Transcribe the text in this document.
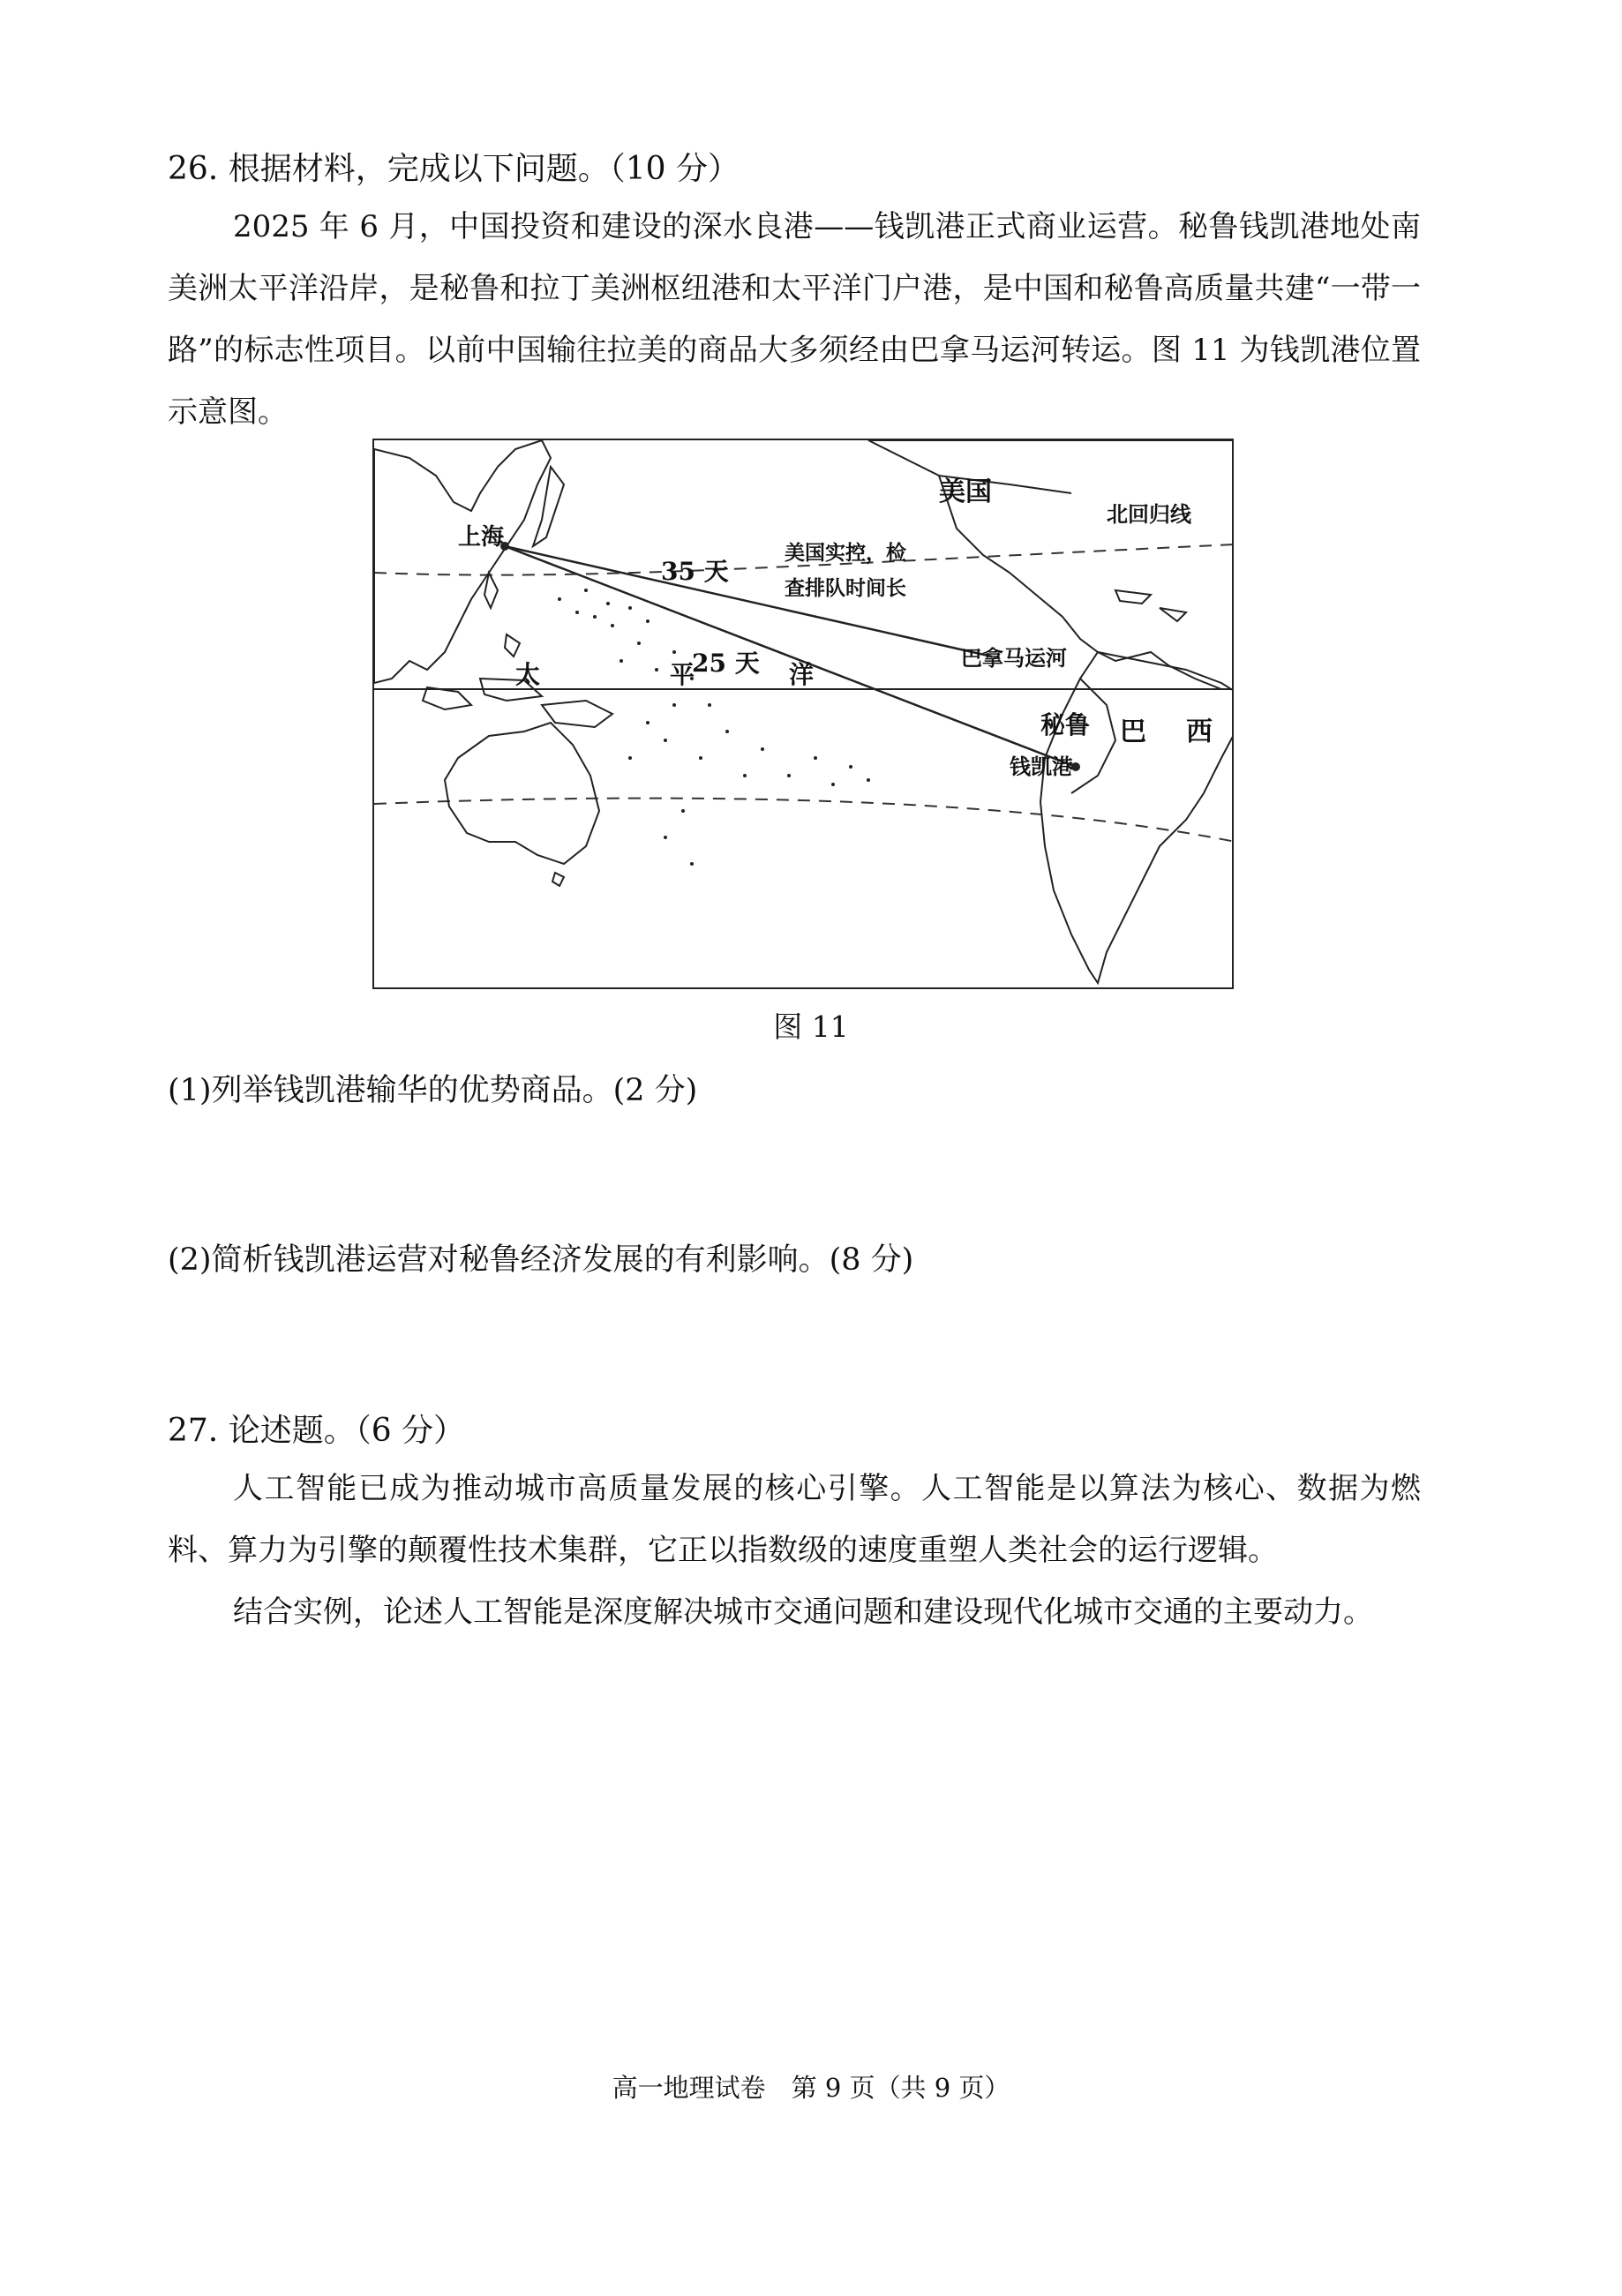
26. 根据材料，完成以下问题。（10 分）
2025 年 6 月，中国投资和建设的深水良港——钱凯港正式商业运营。秘鲁钱凯港地处南美洲太平洋沿岸，是秘鲁和拉丁美洲枢纽港和太平洋门户港，是中国和秘鲁高质量共建“一带一路”的标志性项目。以前中国输往拉美的商品大多须经由巴拿马运河转运。图 11 为钱凯港位置示意图。
美国
北回归线
上海
35 天
美国实控，检
查排队时间长
太	平
25 天 洋
巴拿马运河
秘鲁 巴 西
钱凯港
图 11
(1)列举钱凯港输华的优势商品。(2 分)
(2)简析钱凯港运营对秘鲁经济发展的有利影响。(8 分)
27. 论述题。（6 分）
人工智能已成为推动城市高质量发展的核心引擎。人工智能是以算法为核心、数据为燃料、算力为引擎的颠覆性技术集群，它正以指数级的速度重塑人类社会的运行逻辑。
结合实例，论述人工智能是深度解决城市交通问题和建设现代化城市交通的主要动力。
高一地理试卷　第 9 页（共 9 页）
